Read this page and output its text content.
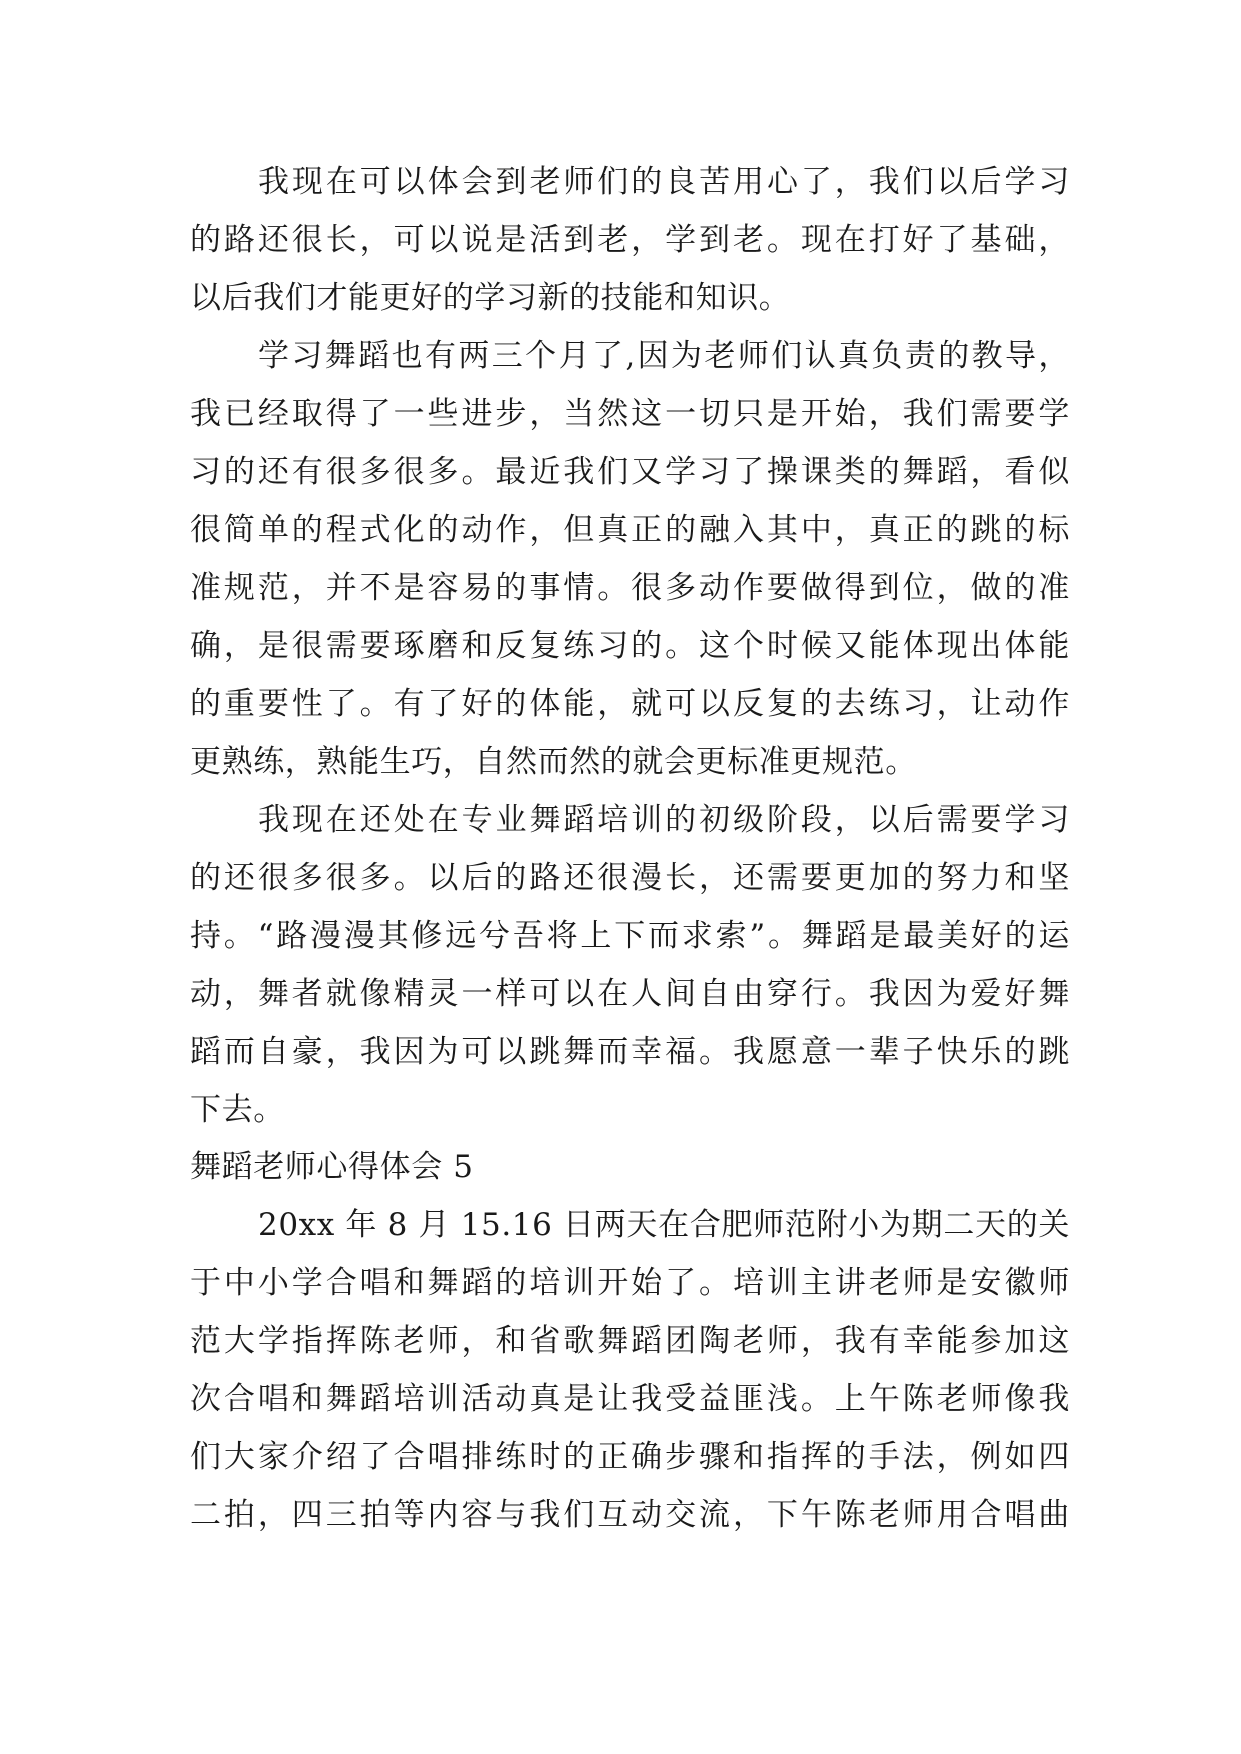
我现在可以体会到老师们的良苦用心了，我们以后学习
的路还很长，可以说是活到老，学到老。现在打好了基础，
以后我们才能更好的学习新的技能和知识。
学习舞蹈也有两三个月了,因为老师们认真负责的教导，
我已经取得了一些进步，当然这一切只是开始，我们需要学
习的还有很多很多。最近我们又学习了操课类的舞蹈，看似
很简单的程式化的动作，但真正的融入其中，真正的跳的标
准规范，并不是容易的事情。很多动作要做得到位，做的准
确，是很需要琢磨和反复练习的。这个时候又能体现出体能
的重要性了。有了好的体能，就可以反复的去练习，让动作
更熟练，熟能生巧，自然而然的就会更标准更规范。
我现在还处在专业舞蹈培训的初级阶段，以后需要学习
的还很多很多。以后的路还很漫长，还需要更加的努力和坚
持。“路漫漫其修远兮吾将上下而求索”。舞蹈是最美好的运
动，舞者就像精灵一样可以在人间自由穿行。我因为爱好舞
蹈而自豪，我因为可以跳舞而幸福。我愿意一辈子快乐的跳
下去。
舞蹈老师心得体会 5
20xx 年 8 月 15.16 日两天在合肥师范附小为期二天的关
于中小学合唱和舞蹈的培训开始了。培训主讲老师是安徽师
范大学指挥陈老师，和省歌舞蹈团陶老师，我有幸能参加这
次合唱和舞蹈培训活动真是让我受益匪浅。上午陈老师像我
们大家介绍了合唱排练时的正确步骤和指挥的手法，例如四
二拍，四三拍等内容与我们互动交流，下午陈老师用合唱曲
